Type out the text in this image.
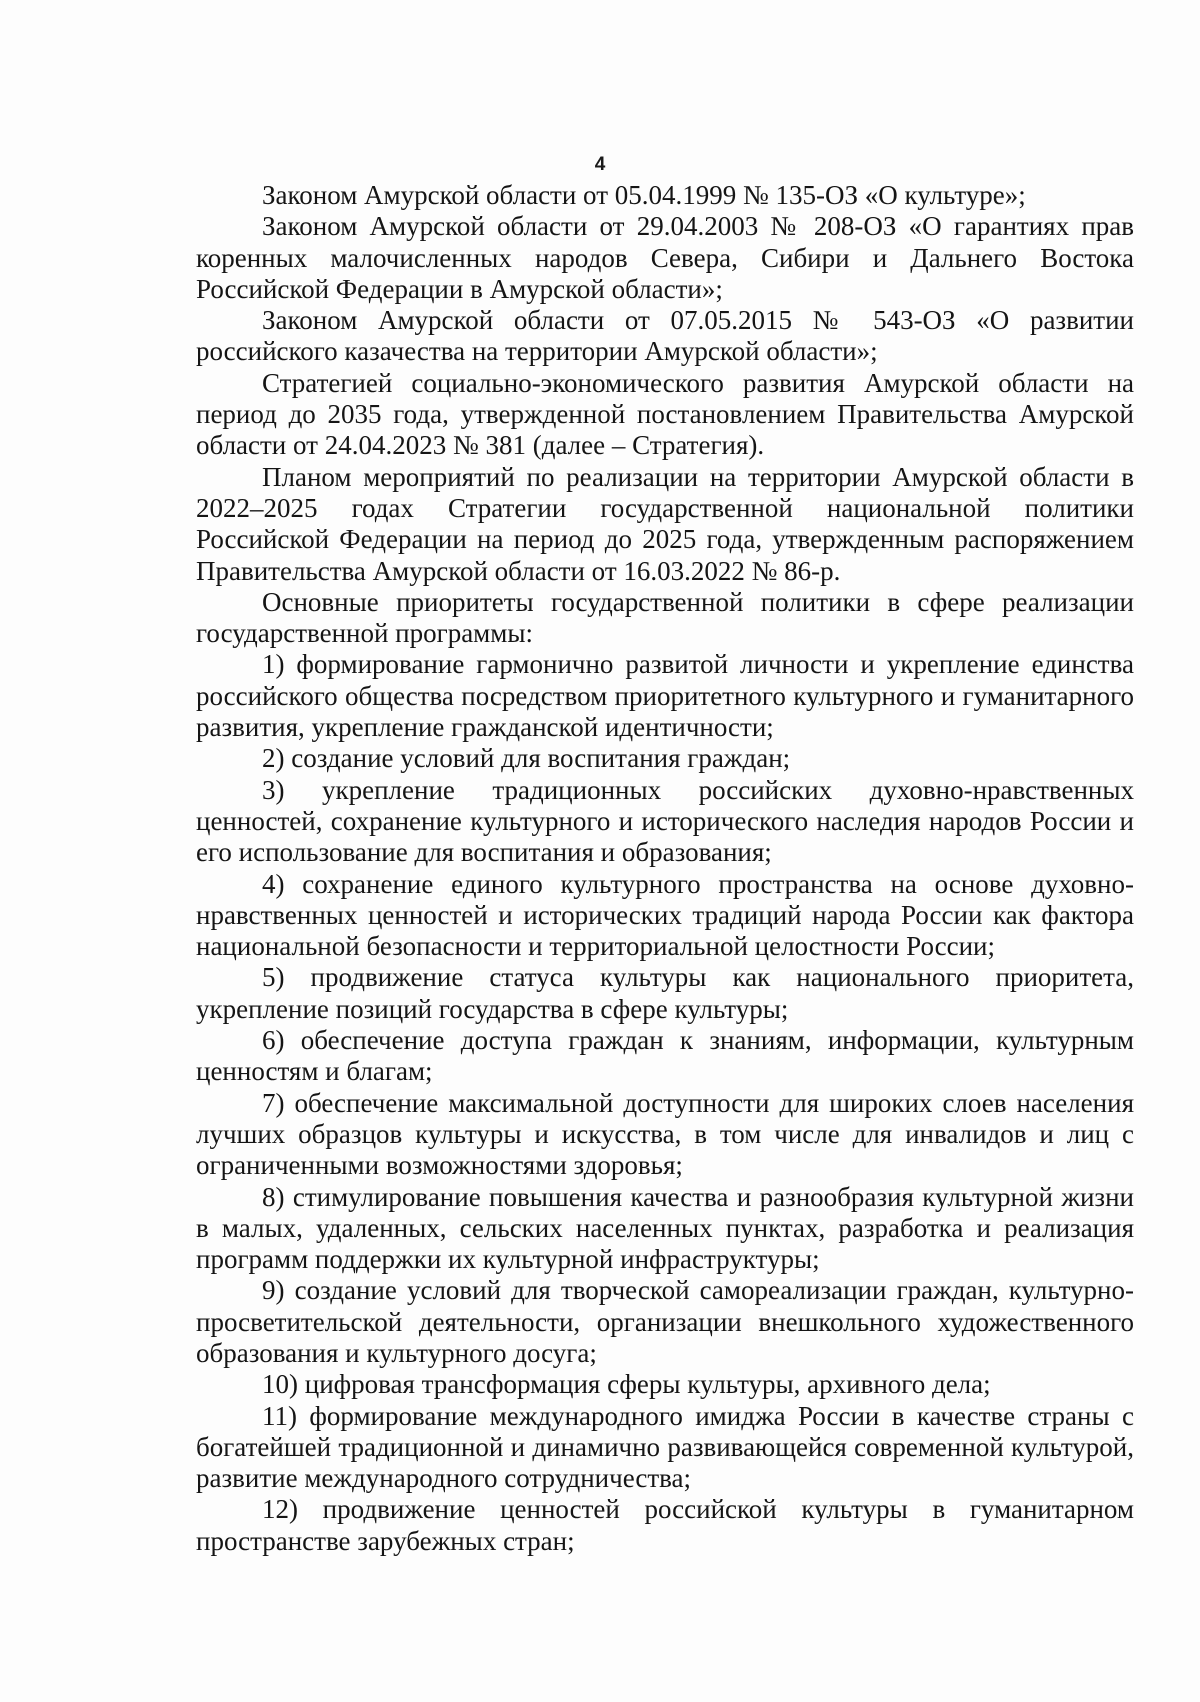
4

Законом Амурской области от 05.04.1999 № 135-ОЗ «О культуре»;

Законом Амурской области от 29.04.2003 № 208-ОЗ «О гарантиях прав коренных малочисленных народов Севера, Сибири и Дальнего Востока Российской Федерации в Амурской области»;

Законом Амурской области от 07.05.2015 № 543-ОЗ «О развитии российского казачества на территории Амурской области»;

Стратегией социально-экономического развития Амурской области на период до 2035 года, утвержденной постановлением Правительства Амурской области от 24.04.2023 № 381 (далее – Стратегия).

Планом мероприятий по реализации на территории Амурской области в 2022–2025 годах Стратегии государственной национальной политики Российской Федерации на период до 2025 года, утвержденным распоряжением Правительства Амурской области от 16.03.2022 № 86-р.

Основные приоритеты государственной политики в сфере реализации государственной программы:

1) формирование гармонично развитой личности и укрепление единства российского общества посредством приоритетного культурного и гуманитарного развития, укрепление гражданской идентичности;

2) создание условий для воспитания граждан;

3) укрепление традиционных российских духовно-нравственных ценностей, сохранение культурного и исторического наследия народов России и его использование для воспитания и образования;

4) сохранение единого культурного пространства на основе духовно-нравственных ценностей и исторических традиций народа России как фактора национальной безопасности и территориальной целостности России;

5) продвижение статуса культуры как национального приоритета, укрепление позиций государства в сфере культуры;

6) обеспечение доступа граждан к знаниям, информации, культурным ценностям и благам;

7) обеспечение максимальной доступности для широких слоев населения лучших образцов культуры и искусства, в том числе для инвалидов и лиц с ограниченными возможностями здоровья;

8) стимулирование повышения качества и разнообразия культурной жизни в малых, удаленных, сельских населенных пунктах, разработка и реализация программ поддержки их культурной инфраструктуры;

9) создание условий для творческой самореализации граждан, культурно-просветительской деятельности, организации внешкольного художественного образования и культурного досуга;

10) цифровая трансформация сферы культуры, архивного дела;

11) формирование международного имиджа России в качестве страны с богатейшей традиционной и динамично развивающейся современной культурой, развитие международного сотрудничества;

12) продвижение ценностей российской культуры в гуманитарном пространстве зарубежных стран;
